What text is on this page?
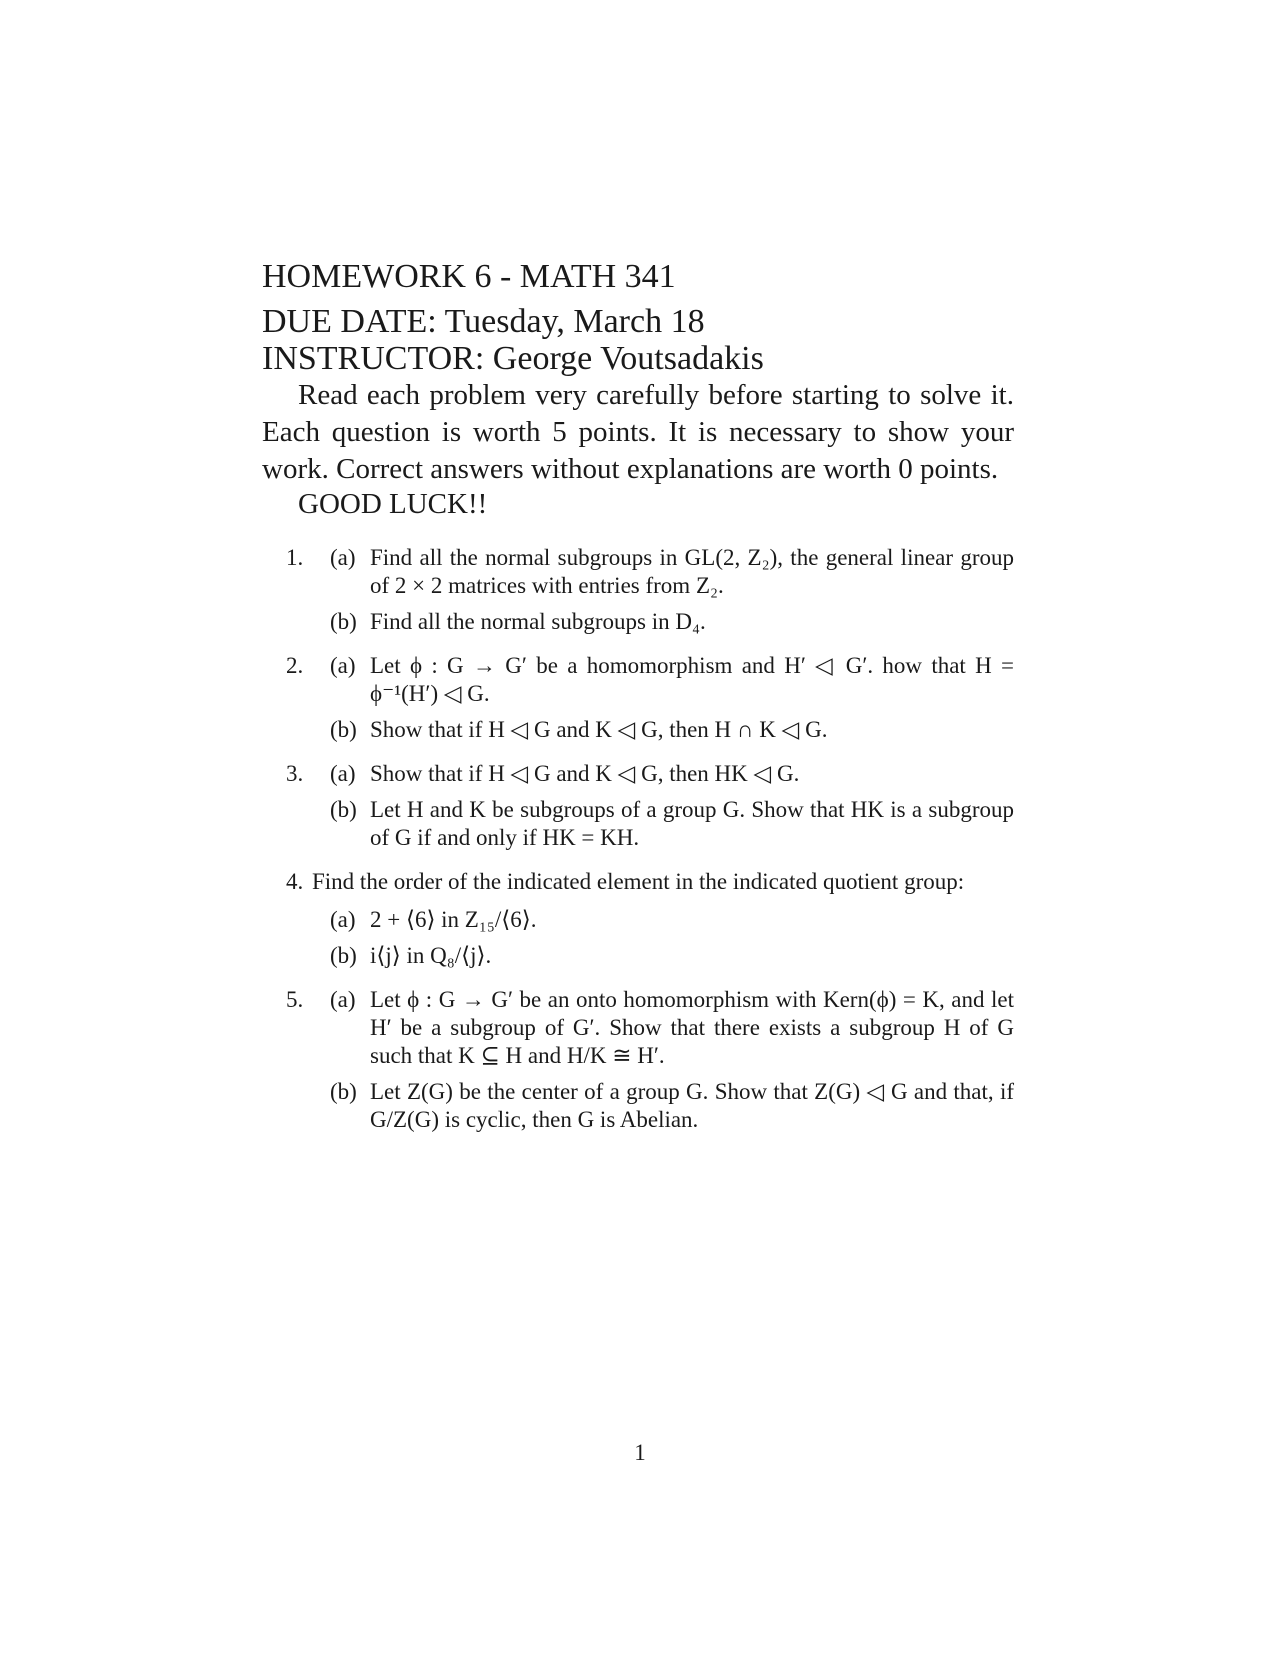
HOMEWORK 6 - MATH 341
DUE DATE: Tuesday, March 18
INSTRUCTOR: George Voutsadakis

Read each problem very carefully before starting to solve it. Each question is worth 5 points. It is necessary to show your work. Correct answers without explanations are worth 0 points.

GOOD LUCK!!

1. (a) Find all the normal subgroups in GL(2, Z₂), the general linear group of 2 × 2 matrices with entries from Z₂.
(b) Find all the normal subgroups in D₄.
2. (a) Let ϕ : G → G′ be a homomorphism and H′ ◁ G′. how that H = ϕ⁻¹(H′) ◁ G.
(b) Show that if H ◁ G and K ◁ G, then H ∩ K ◁ G.
3. (a) Show that if H ◁ G and K ◁ G, then HK ◁ G.
(b) Let H and K be subgroups of a group G. Show that HK is a subgroup of G if and only if HK = KH.
4. Find the order of the indicated element in the indicated quotient group:
(a) 2 + ⟨6⟩ in Z₁₅/⟨6⟩.
(b) i⟨j⟩ in Q₈/⟨j⟩.
5. (a) Let ϕ : G → G′ be an onto homomorphism with Kern(ϕ) = K, and let H′ be a subgroup of G′. Show that there exists a subgroup H of G such that K ⊆ H and H/K ≅ H′.
(b) Let Z(G) be the center of a group G. Show that Z(G) ◁ G and that, if G/Z(G) is cyclic, then G is Abelian.
1
